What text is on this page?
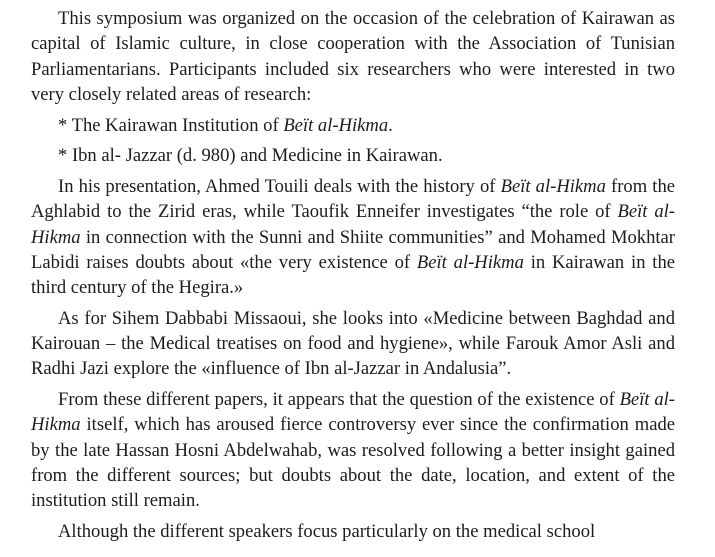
This symposium was organized on the occasion of the celebration of Kairawan as capital of Islamic culture, in close cooperation with the Association of Tunisian Parliamentarians. Participants included six researchers who were interested in two very closely related areas of research:

* The Kairawan Institution of Beït al-Hikma.

* Ibn al- Jazzar (d. 980) and Medicine in Kairawan.

In his presentation, Ahmed Touili deals with the history of Beït al-Hikma from the Aghlabid to the Zirid eras, while Taoufik Enneifer investigates “the role of Beït al-Hikma in connection with the Sunni and Shiite communities” and Mohamed Mokhtar Labidi raises doubts about «the very existence of Beït al-Hikma in Kairawan in the third century of the Hegira.»

As for Sihem Dabbabi Missaoui, she looks into «Medicine between Baghdad and Kairouan – the Medical treatises on food and hygiene», while Farouk Amor Asli and Radhi Jazi explore the «influence of Ibn al-Jazzar in Andalusia”.

From these different papers, it appears that the question of the existence of Beït al-Hikma itself, which has aroused fierce controversy ever since the confirmation made by the late Hassan Hosni Abdelwahab, was resolved following a better insight gained from the different sources; but doubts about the date, location, and extent of the institution still remain.

Although the different speakers focus particularly on the medical school
